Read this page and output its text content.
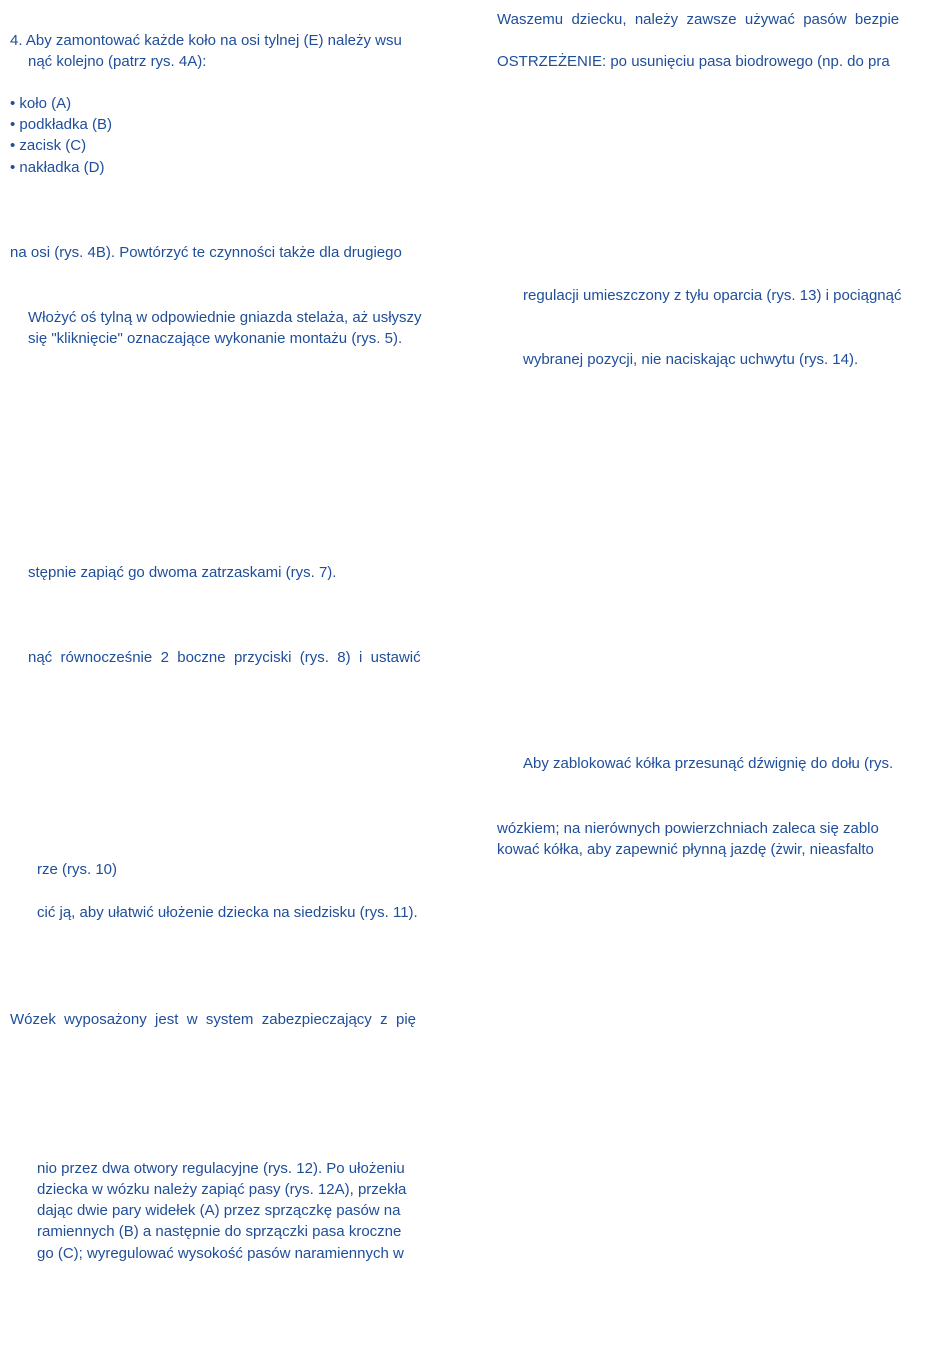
4. Aby zamontować każde koło na osi tylnej (E) należy wsu

nąć kolejno (patrz rys. 4A):

• koło (A)

• podkładka (B)

• zacisk (C)

• nakładka (D)

na osi (rys. 4B). Powtórzyć te czynności także dla drugiego

Włożyć oś tylną w odpowiednie gniazda stelaża, aż usłyszy

się "kliknięcie" oznaczające wykonanie montażu (rys. 5).

stępnie zapiąć go dwoma zatrzaskami (rys. 7).

nąć  równocześnie  2  boczne  przyciski  (rys.  8)  i  ustawić

rze (rys. 10)

cić ją, aby ułatwić ułożenie dziecka na siedzisku (rys. 11).

Wózek  wyposażony  jest  w  system  zabezpieczający  z  pię

nio przez dwa otwory regulacyjne (rys. 12). Po ułożeniu

dziecka w wózku należy zapiąć pasy (rys. 12A), przekła

dając dwie pary widełek (A) przez sprzączkę pasów na

ramiennych (B) a następnie do sprzączki pasa kroczne

go (C); wyregulować wysokość pasów naramiennych w

Waszemu  dziecku,  należy  zawsze  używać  pasów  bezpie

OSTRZEŻENIE: po usunięciu pasa biodrowego (np. do pra

regulacji umieszczony z tyłu oparcia (rys. 13) i pociągnąć

wybranej pozycji, nie naciskając uchwytu (rys. 14).

Aby zablokować kółka przesunąć dźwignię do dołu (rys.

wózkiem; na nierównych powierzchniach zaleca się zablo

kować kółka, aby zapewnić płynną jazdę (żwir, nieasfalto
